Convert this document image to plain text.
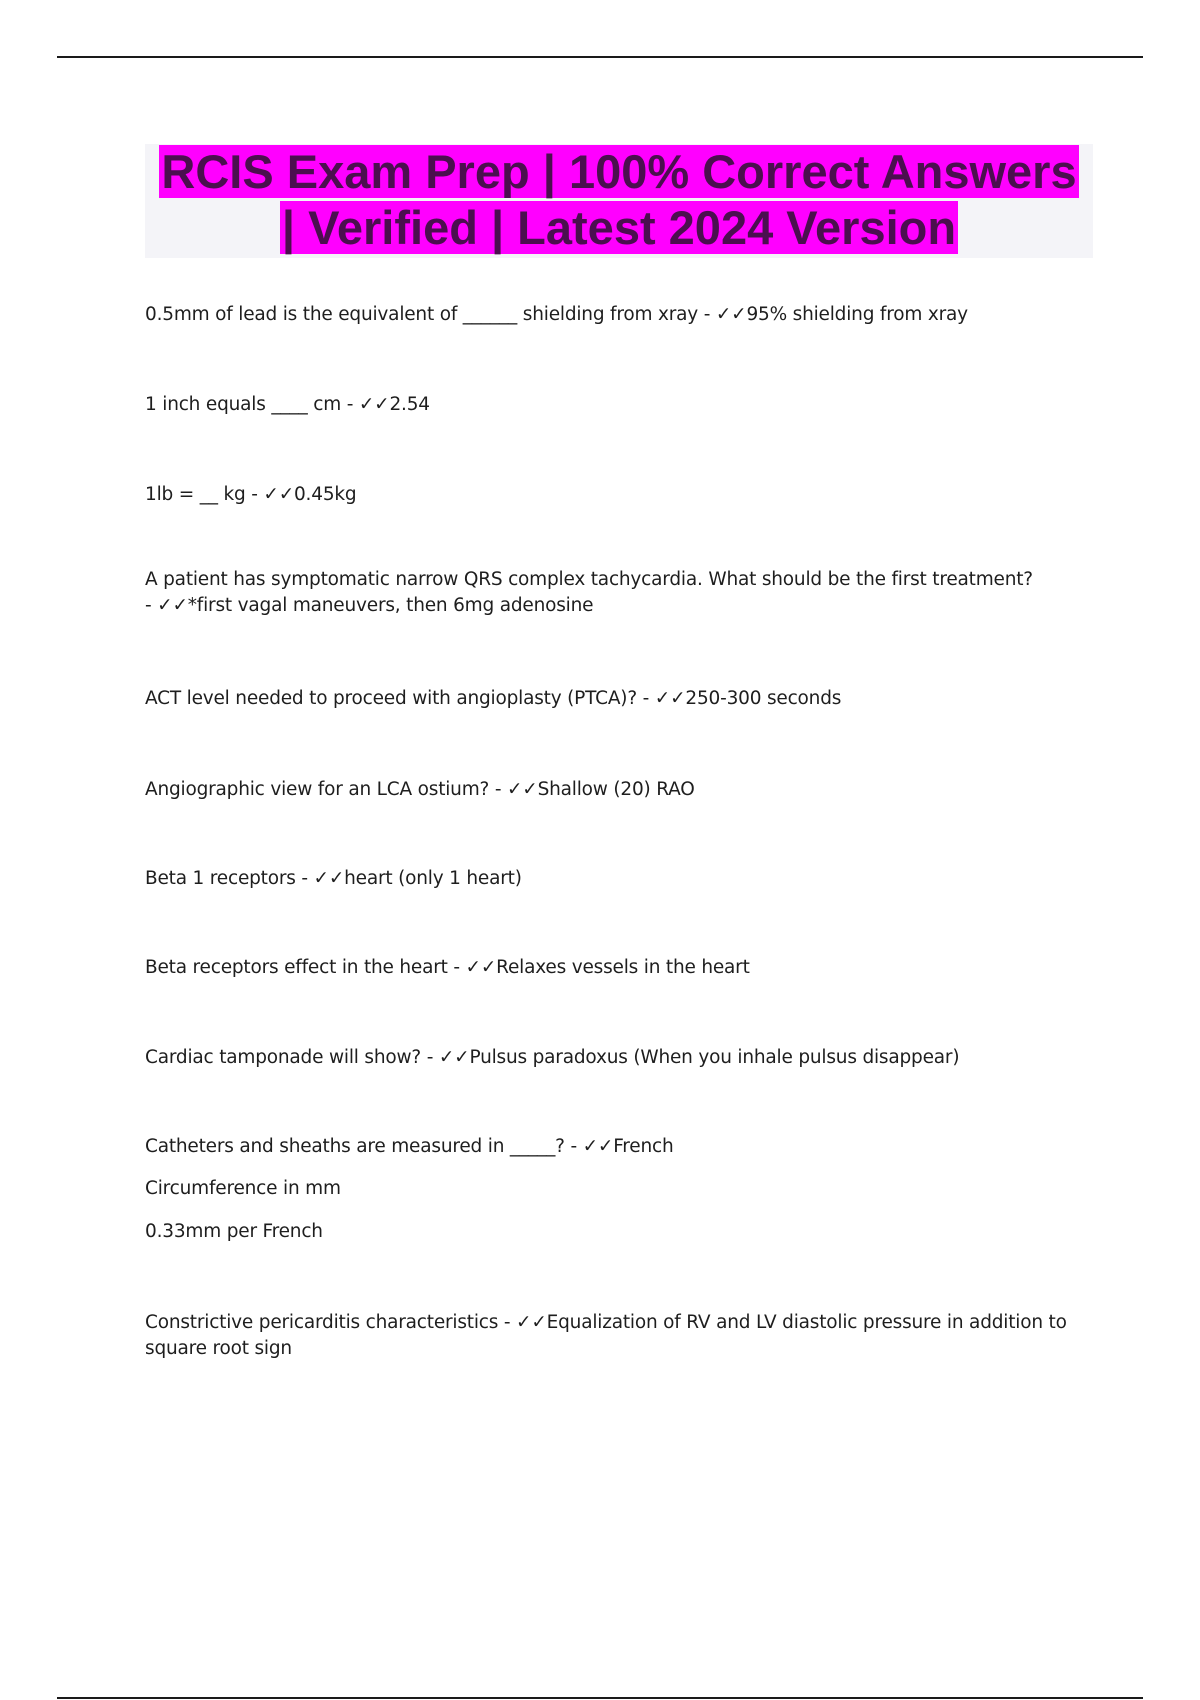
RCIS Exam Prep | 100% Correct Answers
| Verified | Latest 2024 Version
0.5mm of lead is the equivalent of ______ shielding from xray - ✓✓95% shielding from xray
1 inch equals ____ cm - ✓✓2.54
1lb = __ kg - ✓✓0.45kg
A patient has symptomatic narrow QRS complex tachycardia. What should be the first treatment? - ✓✓*first vagal maneuvers, then 6mg adenosine
ACT level needed to proceed with angioplasty (PTCA)? - ✓✓250-300 seconds
Angiographic view for an LCA ostium? - ✓✓Shallow (20) RAO
Beta 1 receptors - ✓✓heart (only 1 heart)
Beta receptors effect in the heart - ✓✓Relaxes vessels in the heart
Cardiac tamponade will show? - ✓✓Pulsus paradoxus (When you inhale pulsus disappear)
Catheters and sheaths are measured in _____? - ✓✓French
Circumference in mm
0.33mm per French
Constrictive pericarditis characteristics - ✓✓Equalization of RV and LV diastolic pressure in addition to square root sign
